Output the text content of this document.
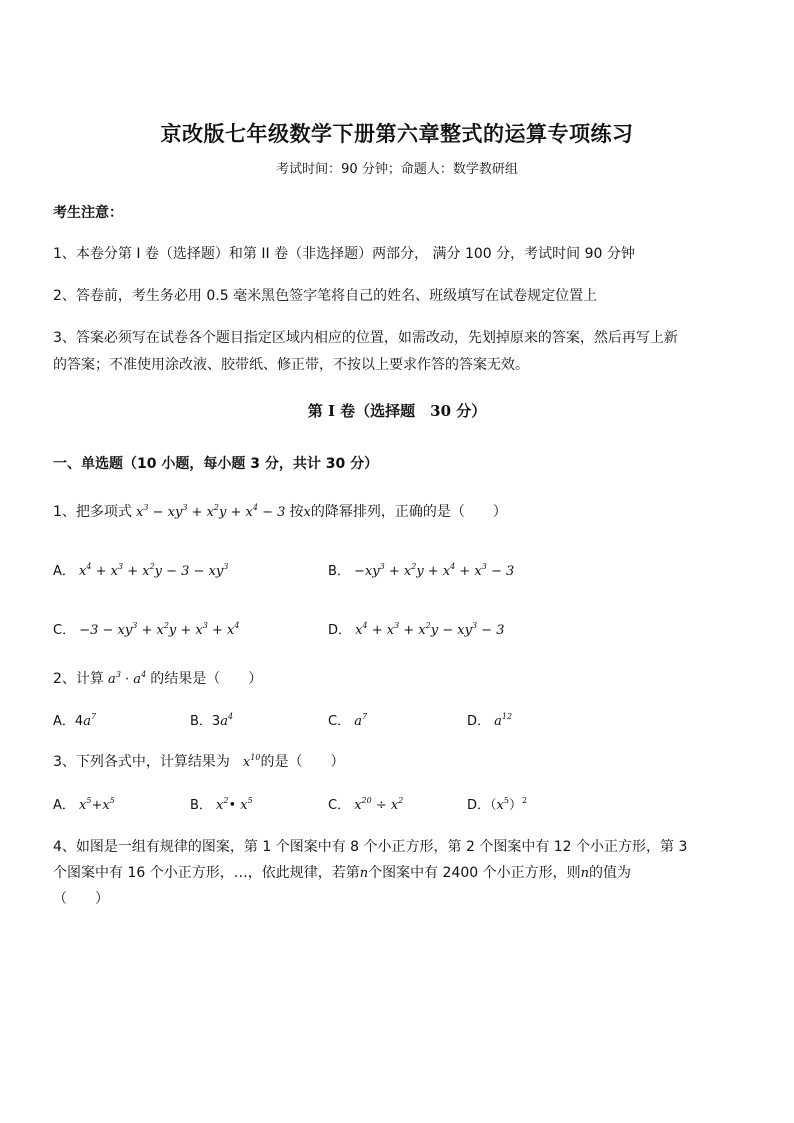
京改版七年级数学下册第六章整式的运算专项练习
考试时间：90 分钟；命题人：数学教研组
考生注意：
1、本卷分第 I 卷（选择题）和第 II 卷（非选择题）两部分， 满分 100 分，考试时间 90 分钟
2、答卷前，考生务必用 0.5 毫米黑色签字笔将自己的姓名、班级填写在试卷规定位置上
3、答案必须写在试卷各个题目指定区域内相应的位置，如需改动，先划掉原来的答案，然后再写上新
的答案；不准使用涂改液、胶带纸、修正带，不按以上要求作答的答案无效。
第 I 卷（选择题　30 分）
一、单选题（10 小题，每小题 3 分，共计 30 分）
1、把多项式 $x^3 - xy^3 + x^2y + x^4 - 3$ 按x的降幂排列，正确的是（　　）
A． $x^4 + x^3 + x^2y - 3 - xy^3$	B． $-xy^3 + x^2y + x^4 + x^3 - 3$
C． $-3 - xy^3 + x^2y + x^3 + x^4$	D． $x^4 + x^3 + x^2y - xy^3 - 3$
2、计算 $a^3 \cdot a^4$ 的结果是（　　）
A．$4a^7$	B．$3a^4$	C． $a^7$	D． $a^{12}$
3、下列各式中，计算结果为　$x^{10}$的是（　　）
A． $x^5+x^5$	B． $x^2•$ $x^5$	C． $x^{20} \div x^2$	D．$(x^5)^2$
4、如图是一组有规律的图案，第 1 个图案中有 8 个小正方形，第 2 个图案中有 12 个小正方形，第 3
个图案中有 16 个小正方形，…，依此规律，若第n个图案中有 2400 个小正方形，则n的值为
（　　）
